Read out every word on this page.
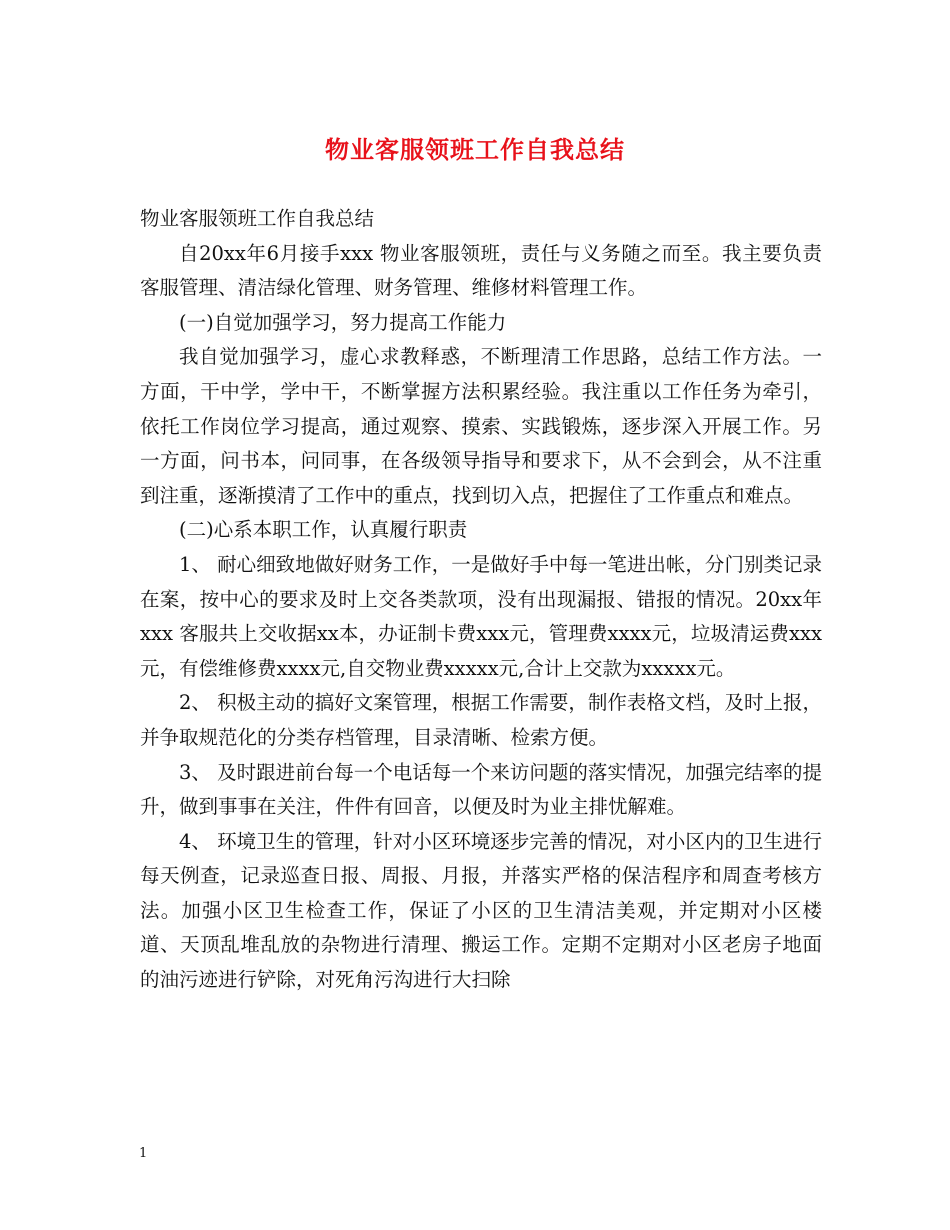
物业客服领班工作自我总结

物业客服领班工作自我总结

自20xx年6月接手xxx 物业客服领班，责任与义务随之而至。我主要负责客服管理、清洁绿化管理、财务管理、维修材料管理工作。

(一)自觉加强学习，努力提高工作能力

我自觉加强学习，虚心求教释惑，不断理清工作思路，总结工作方法。一方面，干中学，学中干，不断掌握方法积累经验。我注重以工作任务为牵引，依托工作岗位学习提高，通过观察、摸索、实践锻炼，逐步深入开展工作。另一方面，问书本，问同事，在各级领导指导和要求下，从不会到会，从不注重到注重，逐渐摸清了工作中的重点，找到切入点，把握住了工作重点和难点。

(二)心系本职工作，认真履行职责

1、 耐心细致地做好财务工作，一是做好手中每一笔进出帐，分门别类记录在案，按中心的要求及时上交各类款项，没有出现漏报、错报的情况。20xx年xxx 客服共上交收据xx本，办证制卡费xxx元，管理费xxxx元，垃圾清运费xxx元，有偿维修费xxxx元,自交物业费xxxxx元,合计上交款为xxxxx元。

2、 积极主动的搞好文案管理，根据工作需要，制作表格文档，及时上报，并争取规范化的分类存档管理，目录清晰、检索方便。

3、 及时跟进前台每一个电话每一个来访问题的落实情况，加强完结率的提升，做到事事在关注，件件有回音，以便及时为业主排忧解难。

4、 环境卫生的管理，针对小区环境逐步完善的情况，对小区内的卫生进行每天例查，记录巡查日报、周报、月报，并落实严格的保洁程序和周查考核方法。加强小区卫生检查工作，保证了小区的卫生清洁美观，并定期对小区楼道、天顶乱堆乱放的杂物进行清理、搬运工作。定期不定期对小区老房子地面的油污迹进行铲除，对死角污沟进行大扫除

1
